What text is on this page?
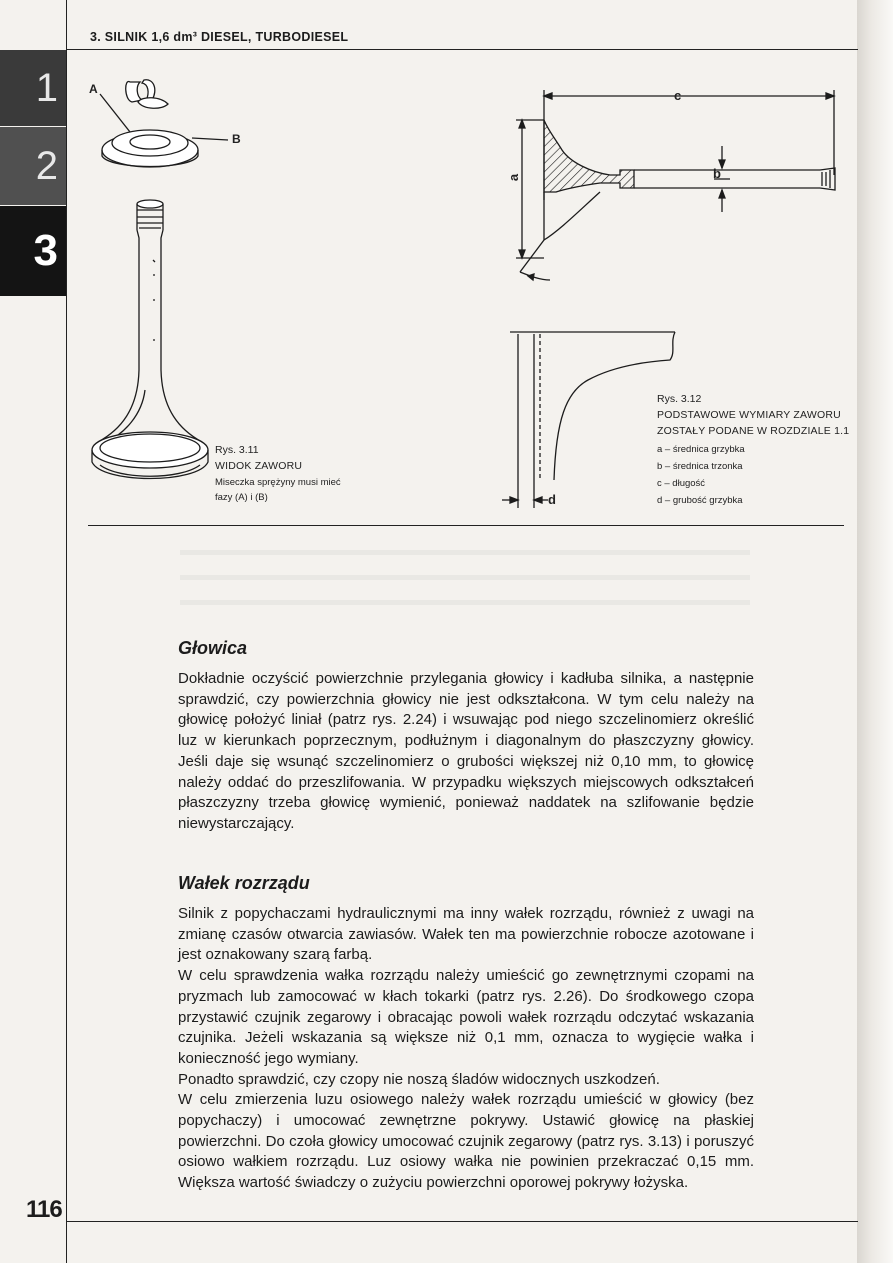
3. SILNIK 1,6 dm³ DIESEL, TURBODIESEL
1
2
3
A
B
Rys. 3.11
WIDOK ZAWORU
Miseczka sprężyny musi mieć
fazy (A) i (B)
c
a	b
d
Rys. 3.12
PODSTAWOWE WYMIARY ZAWORU
ZOSTAŁY PODANE W ROZDZIALE 1.1
a – średnica grzybka
b – średnica trzonka
c – długość
d – grubość grzybka
Głowica

Dokładnie oczyścić powierzchnie przylegania głowicy i kadłuba silnika, a następnie sprawdzić, czy powierzchnia głowicy nie jest odkształcona. W tym celu należy na głowicę położyć liniał (patrz rys. 2.24) i wsuwając pod niego szczelinomierz określić luz w kierunkach poprzecznym, podłużnym i diagonalnym do płaszczyzny głowicy. Jeśli daje się wsunąć szczelinomierz o grubości większej niż 0,10 mm, to głowicę należy oddać do przeszlifowania. W przypadku większych miejscowych odkształceń płaszczyzny trzeba głowicę wymienić, ponieważ naddatek na szlifowanie będzie niewystarczający.

Wałek rozrządu

Silnik z popychaczami hydraulicznymi ma inny wałek rozrządu, również z uwagi na zmianę czasów otwarcia zawiasów. Wałek ten ma powierzchnie robocze azotowane i jest oznakowany szarą farbą.

W celu sprawdzenia wałka rozrządu należy umieścić go zewnętrznymi czopami na pryzmach lub zamocować w kłach tokarki (patrz rys. 2.26). Do środkowego czopa przystawić czujnik zegarowy i obracając powoli wałek rozrządu odczytać wskazania czujnika. Jeżeli wskazania są większe niż 0,1 mm, oznacza to wygięcie wałka i konieczność jego wymiany.

Ponadto sprawdzić, czy czopy nie noszą śladów widocznych uszkodzeń.

W celu zmierzenia luzu osiowego należy wałek rozrządu umieścić w głowicy (bez popychaczy) i umocować zewnętrzne pokrywy. Ustawić głowicę na płaskiej powierzchni. Do czoła głowicy umocować czujnik zegarowy (patrz rys. 3.13) i poruszyć osiowo wałkiem rozrządu. Luz osiowy wałka nie powinien przekraczać 0,15 mm. Większa wartość świadczy o zużyciu powierzchni oporowej pokrywy łożyska.

116
